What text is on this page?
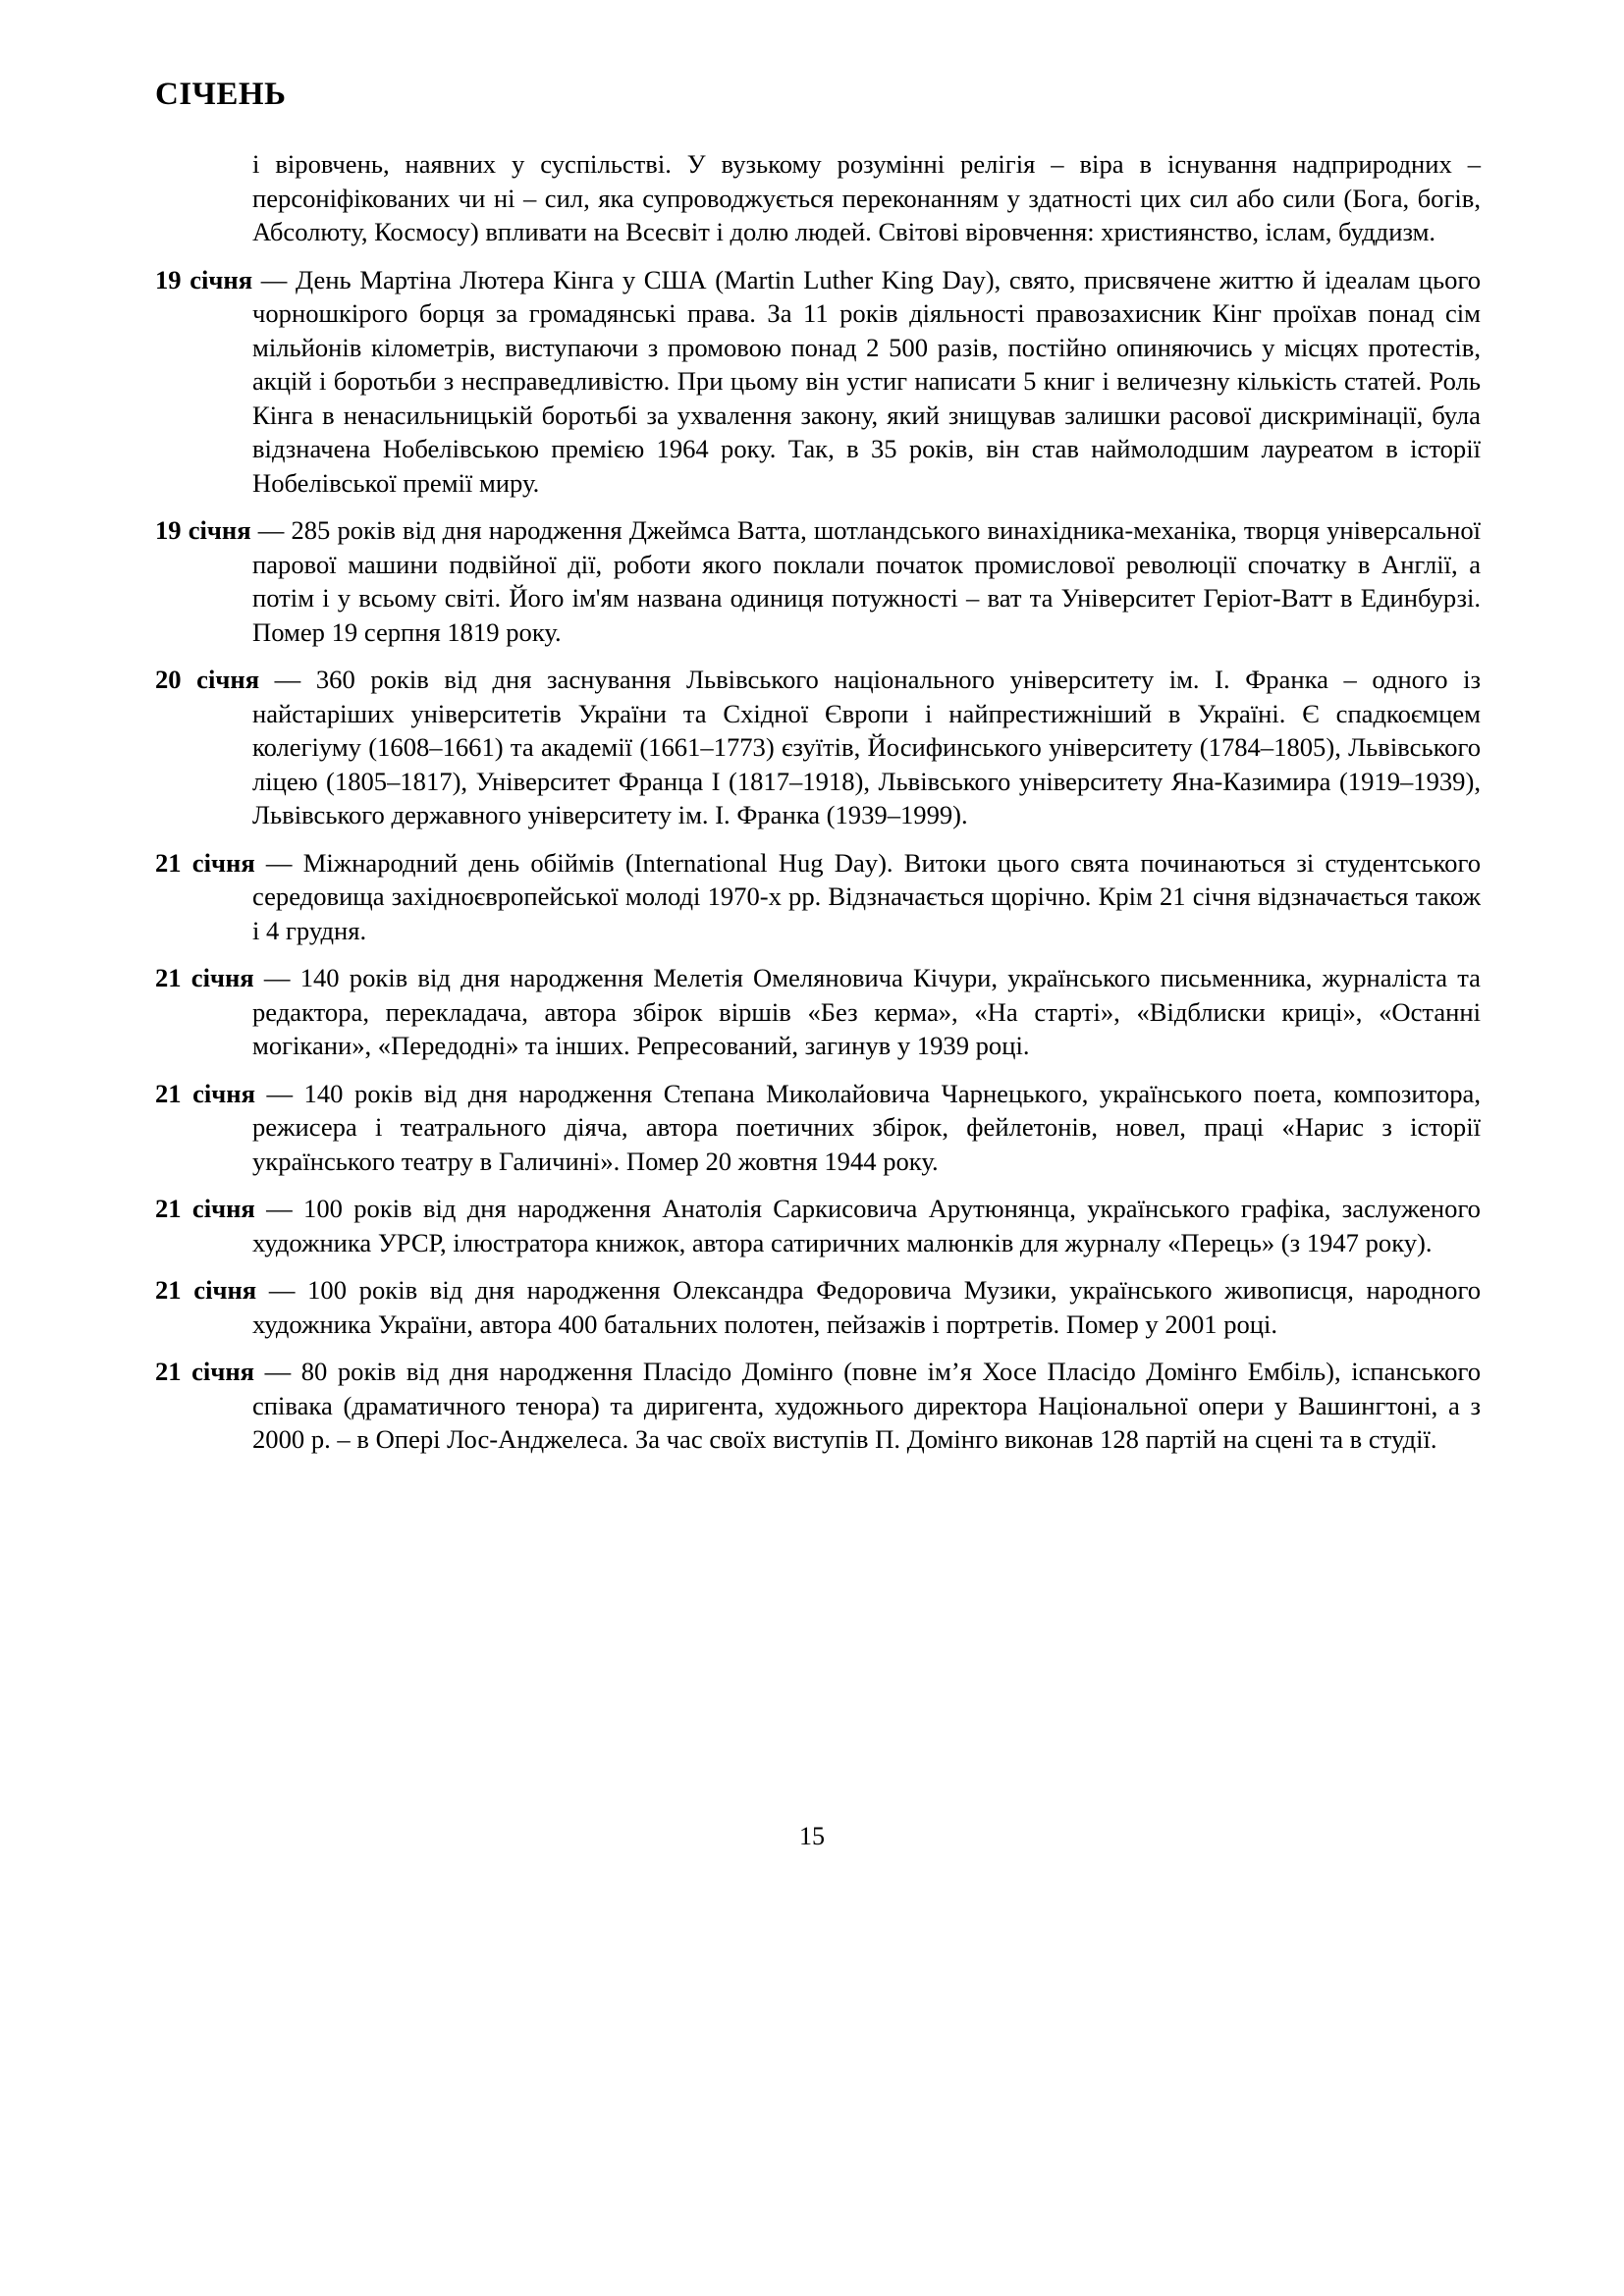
СІЧЕНЬ

і віровчень, наявних у суспільстві. У вузькому розумінні релігія – віра в існування надприродних – персоніфікованих чи ні – сил, яка супроводжується переконанням у здатності цих сил або сили (Бога, богів, Абсолюту, Космосу) впливати на Всесвіт і долю людей. Світові віровчення: християнство, іслам, буддизм.

19 січня — День Мартіна Лютера Кінга у США (Martin Luther King Day), свято, присвячене життю й ідеалам цього чорношкірого борця за громадянські права. За 11 років діяльності правозахисник Кінг проїхав понад сім мільйонів кілометрів, виступаючи з промовою понад 2 500 разів, постійно опиняючись у місцях протестів, акцій і боротьби з несправедливістю. При цьому він устиг написати 5 книг і величезну кількість статей. Роль Кінга в ненасильницькій боротьбі за ухвалення закону, який знищував залишки расової дискримінації, була відзначена Нобелівською премією 1964 року. Так, в 35 років, він став наймолодшим лауреатом в історії Нобелівської премії миру.

19 січня — 285 років від дня народження Джеймса Ватта, шотландського винахідника-механіка, творця універсальної парової машини подвійної дії, роботи якого поклали початок промислової революції спочатку в Англії, а потім і у всьому світі. Його ім'ям названа одиниця потужності – ват та Університет Геріот-Ватт в Единбурзі. Помер 19 серпня 1819 року.

20 січня — 360 років від дня заснування Львівського національного університету ім. І. Франка – одного із найстаріших університетів України та Східної Європи і найпрестижніший в Україні. Є спадкоємцем колегіуму (1608–1661) та академії (1661–1773) єзуїтів, Йосифинського університету (1784–1805), Львівського ліцею (1805–1817), Університет Франца І (1817–1918), Львівського університету Яна-Казимира (1919–1939), Львівського державного університету ім. І. Франка (1939–1999).

21 січня — Міжнародний день обіймів (International Hug Day). Витоки цього свята починаються зі студентського середовища західноєвропейської молоді 1970-х рр. Відзначається щорічно. Крім 21 січня відзначається також і 4 грудня.

21 січня — 140 років від дня народження Мелетія Омеляновича Кічури, українського письменника, журналіста та редактора, перекладача, автора збірок віршів «Без керма», «На старті», «Відблиски криці», «Останні могікани», «Передодні» та інших. Репресований, загинув у 1939 році.

21 січня — 140 років від дня народження Степана Миколайовича Чарнецького, українського поета, композитора, режисера і театрального діяча, автора поетичних збірок, фейлетонів, новел, праці «Нарис з історії українського театру в Галичині». Помер 20 жовтня 1944 року.

21 січня — 100 років від дня народження Анатолія Саркисовича Арутюнянца, українського графіка, заслуженого художника УРСР, ілюстратора книжок, автора сатиричних малюнків для журналу «Перець» (з 1947 року).

21 січня — 100 років від дня народження Олександра Федоровича Музики, українського живописця, народного художника України, автора 400 батальних полотен, пейзажів і портретів. Помер у 2001 році.

21 січня — 80 років від дня народження Пласідо Домінго (повне ім’я Хосе Пласідо Домінго Ембіль), іспанського співака (драматичного тенора) та диригента, художнього директора Національної опери у Вашингтоні, а з 2000 р. – в Опері Лос-Анджелеса. За час своїх виступів П. Домінго виконав 128 партій на сцені та в студії.

15
